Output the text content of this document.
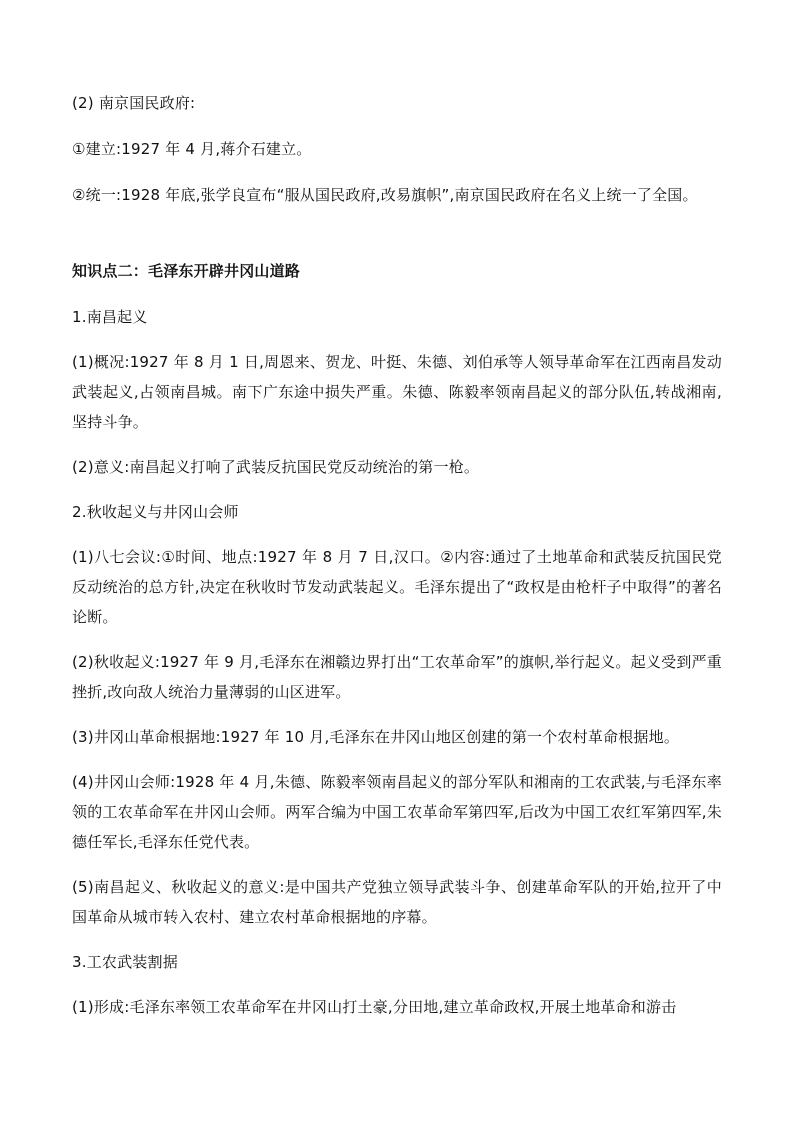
(2) 南京国民政府:

①建立:1927 年 4 月,蒋介石建立。

②统一:1928 年底,张学良宣布“服从国民政府,改易旗帜”,南京国民政府在名义上统一了全国。

知识点二：毛泽东开辟井冈山道路

1.南昌起义

(1)概况:1927 年 8 月 1 日,周恩来、贺龙、叶挺、朱德、刘伯承等人领导革命军在江西南昌发动武装起义,占领南昌城。南下广东途中损失严重。朱德、陈毅率领南昌起义的部分队伍,转战湘南,坚持斗争。

(2)意义:南昌起义打响了武装反抗国民党反动统治的第一枪。

2.秋收起义与井冈山会师

(1)八七会议:①时间、地点:1927 年 8 月 7 日,汉口。②内容:通过了土地革命和武装反抗国民党反动统治的总方针,决定在秋收时节发动武装起义。毛泽东提出了“政权是由枪杆子中取得”的著名论断。

(2)秋收起义:1927 年 9 月,毛泽东在湘赣边界打出“工农革命军”的旗帜,举行起义。起义受到严重挫折,改向敌人统治力量薄弱的山区进军。

(3)井冈山革命根据地:1927 年 10 月,毛泽东在井冈山地区创建的第一个农村革命根据地。

(4)井冈山会师:1928 年 4 月,朱德、陈毅率领南昌起义的部分军队和湘南的工农武装,与毛泽东率领的工农革命军在井冈山会师。两军合编为中国工农革命军第四军,后改为中国工农红军第四军,朱德任军长,毛泽东任党代表。

(5)南昌起义、秋收起义的意义:是中国共产党独立领导武装斗争、创建革命军队的开始,拉开了中国革命从城市转入农村、建立农村革命根据地的序幕。

3.工农武装割据

(1)形成:毛泽东率领工农革命军在井冈山打土豪,分田地,建立革命政权,开展土地革命和游击
